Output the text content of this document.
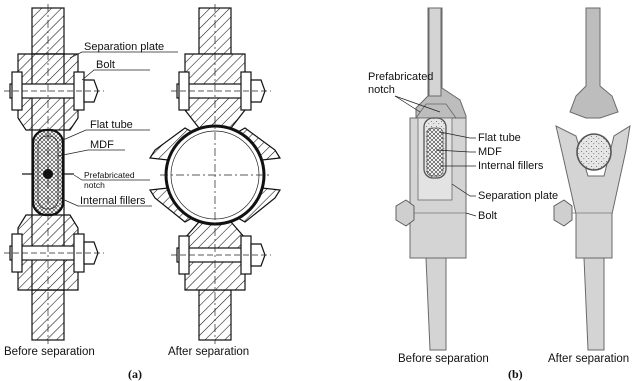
Separation plate
Bolt
Flat tube
MDF
Prefabricated
notch
Internal fillers
Before separation	After separation
(a)
Prefabricated
notch
Flat tube
MDF
Internal fillers
Separation plate
Bolt
Before separation	After separation
(b)
